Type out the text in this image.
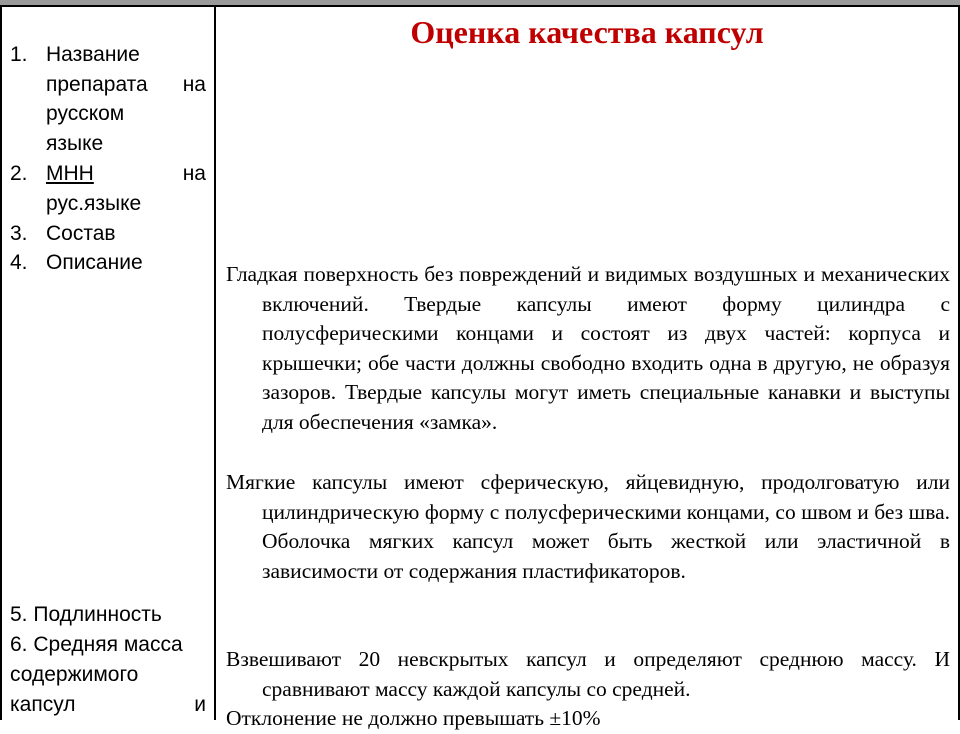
Оценка качества капсул
1. Название
препарата на
русском
языке
2. МНН на
рус.языке
3. Состав
4. Описание
5. Подлинность
6. Средняя масса
содержимого
капсул и

Гладкая поверхность без повреждений и видимых воздушных и механических включений. Твердые капсулы имеют форму цилиндра с полусферическими концами и состоят из двух частей: корпуса и крышечки; обе части должны свободно входить одна в другую, не образуя зазоров. Твердые капсулы могут иметь специальные канавки и выступы для обеспечения «замка».

Мягкие капсулы имеют сферическую, яйцевидную, продолговатую или цилиндрическую форму с полусферическими концами, со швом и без шва. Оболочка мягких капсул может быть жесткой или эластичной в зависимости от содержания пластификаторов.

Взвешивают 20 невскрытых капсул и определяют среднюю массу. И сравнивают массу каждой капсулы со средней.

Отклонение не должно превышать ±10%
